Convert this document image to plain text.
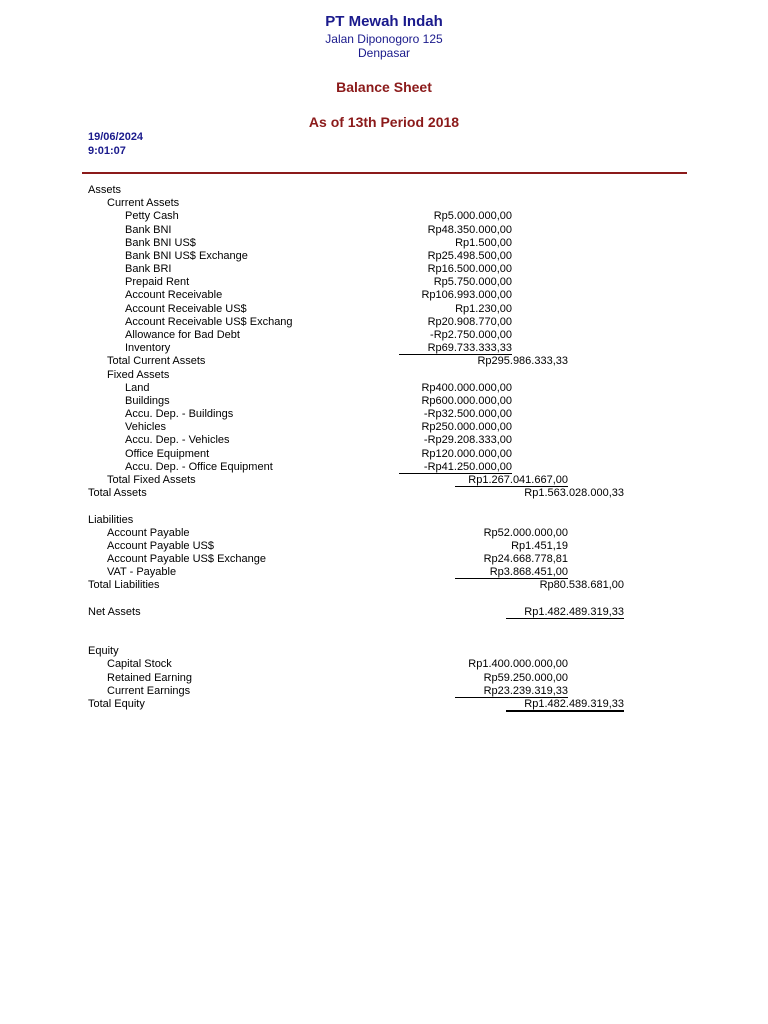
PT Mewah Indah
Jalan Diponogoro 125
Denpasar
Balance Sheet
As of 13th Period 2018
19/06/2024
9:01:07
Assets
Current Assets
Petty Cash	Rp5.000.000,00
Bank BNI	Rp48.350.000,00
Bank BNI US$	Rp1.500,00
Bank BNI US$ Exchange	Rp25.498.500,00
Bank BRI	Rp16.500.000,00
Prepaid Rent	Rp5.750.000,00
Account Receivable	Rp106.993.000,00
Account Receivable US$	Rp1.230,00
Account Receivable US$ Exchang	Rp20.908.770,00
Allowance for Bad Debt	-Rp2.750.000,00
Inventory	Rp69.733.333,33
Total Current Assets	Rp295.986.333,33
Fixed Assets
Land	Rp400.000.000,00
Buildings	Rp600.000.000,00
Accu. Dep. - Buildings	-Rp32.500.000,00
Vehicles	Rp250.000.000,00
Accu. Dep. - Vehicles	-Rp29.208.333,00
Office Equipment	Rp120.000.000,00
Accu. Dep. - Office Equipment	-Rp41.250.000,00
Total Fixed Assets	Rp1.267.041.667,00
Total Assets	Rp1.563.028.000,33
Liabilities
Account Payable	Rp52.000.000,00
Account Payable US$	Rp1.451,19
Account Payable US$ Exchange	Rp24.668.778,81
VAT - Payable	Rp3.868.451,00
Total Liabilities	Rp80.538.681,00
Net Assets	Rp1.482.489.319,33
Equity
Capital Stock	Rp1.400.000.000,00
Retained Earning	Rp59.250.000,00
Current Earnings	Rp23.239.319,33
Total Equity	Rp1.482.489.319,33
